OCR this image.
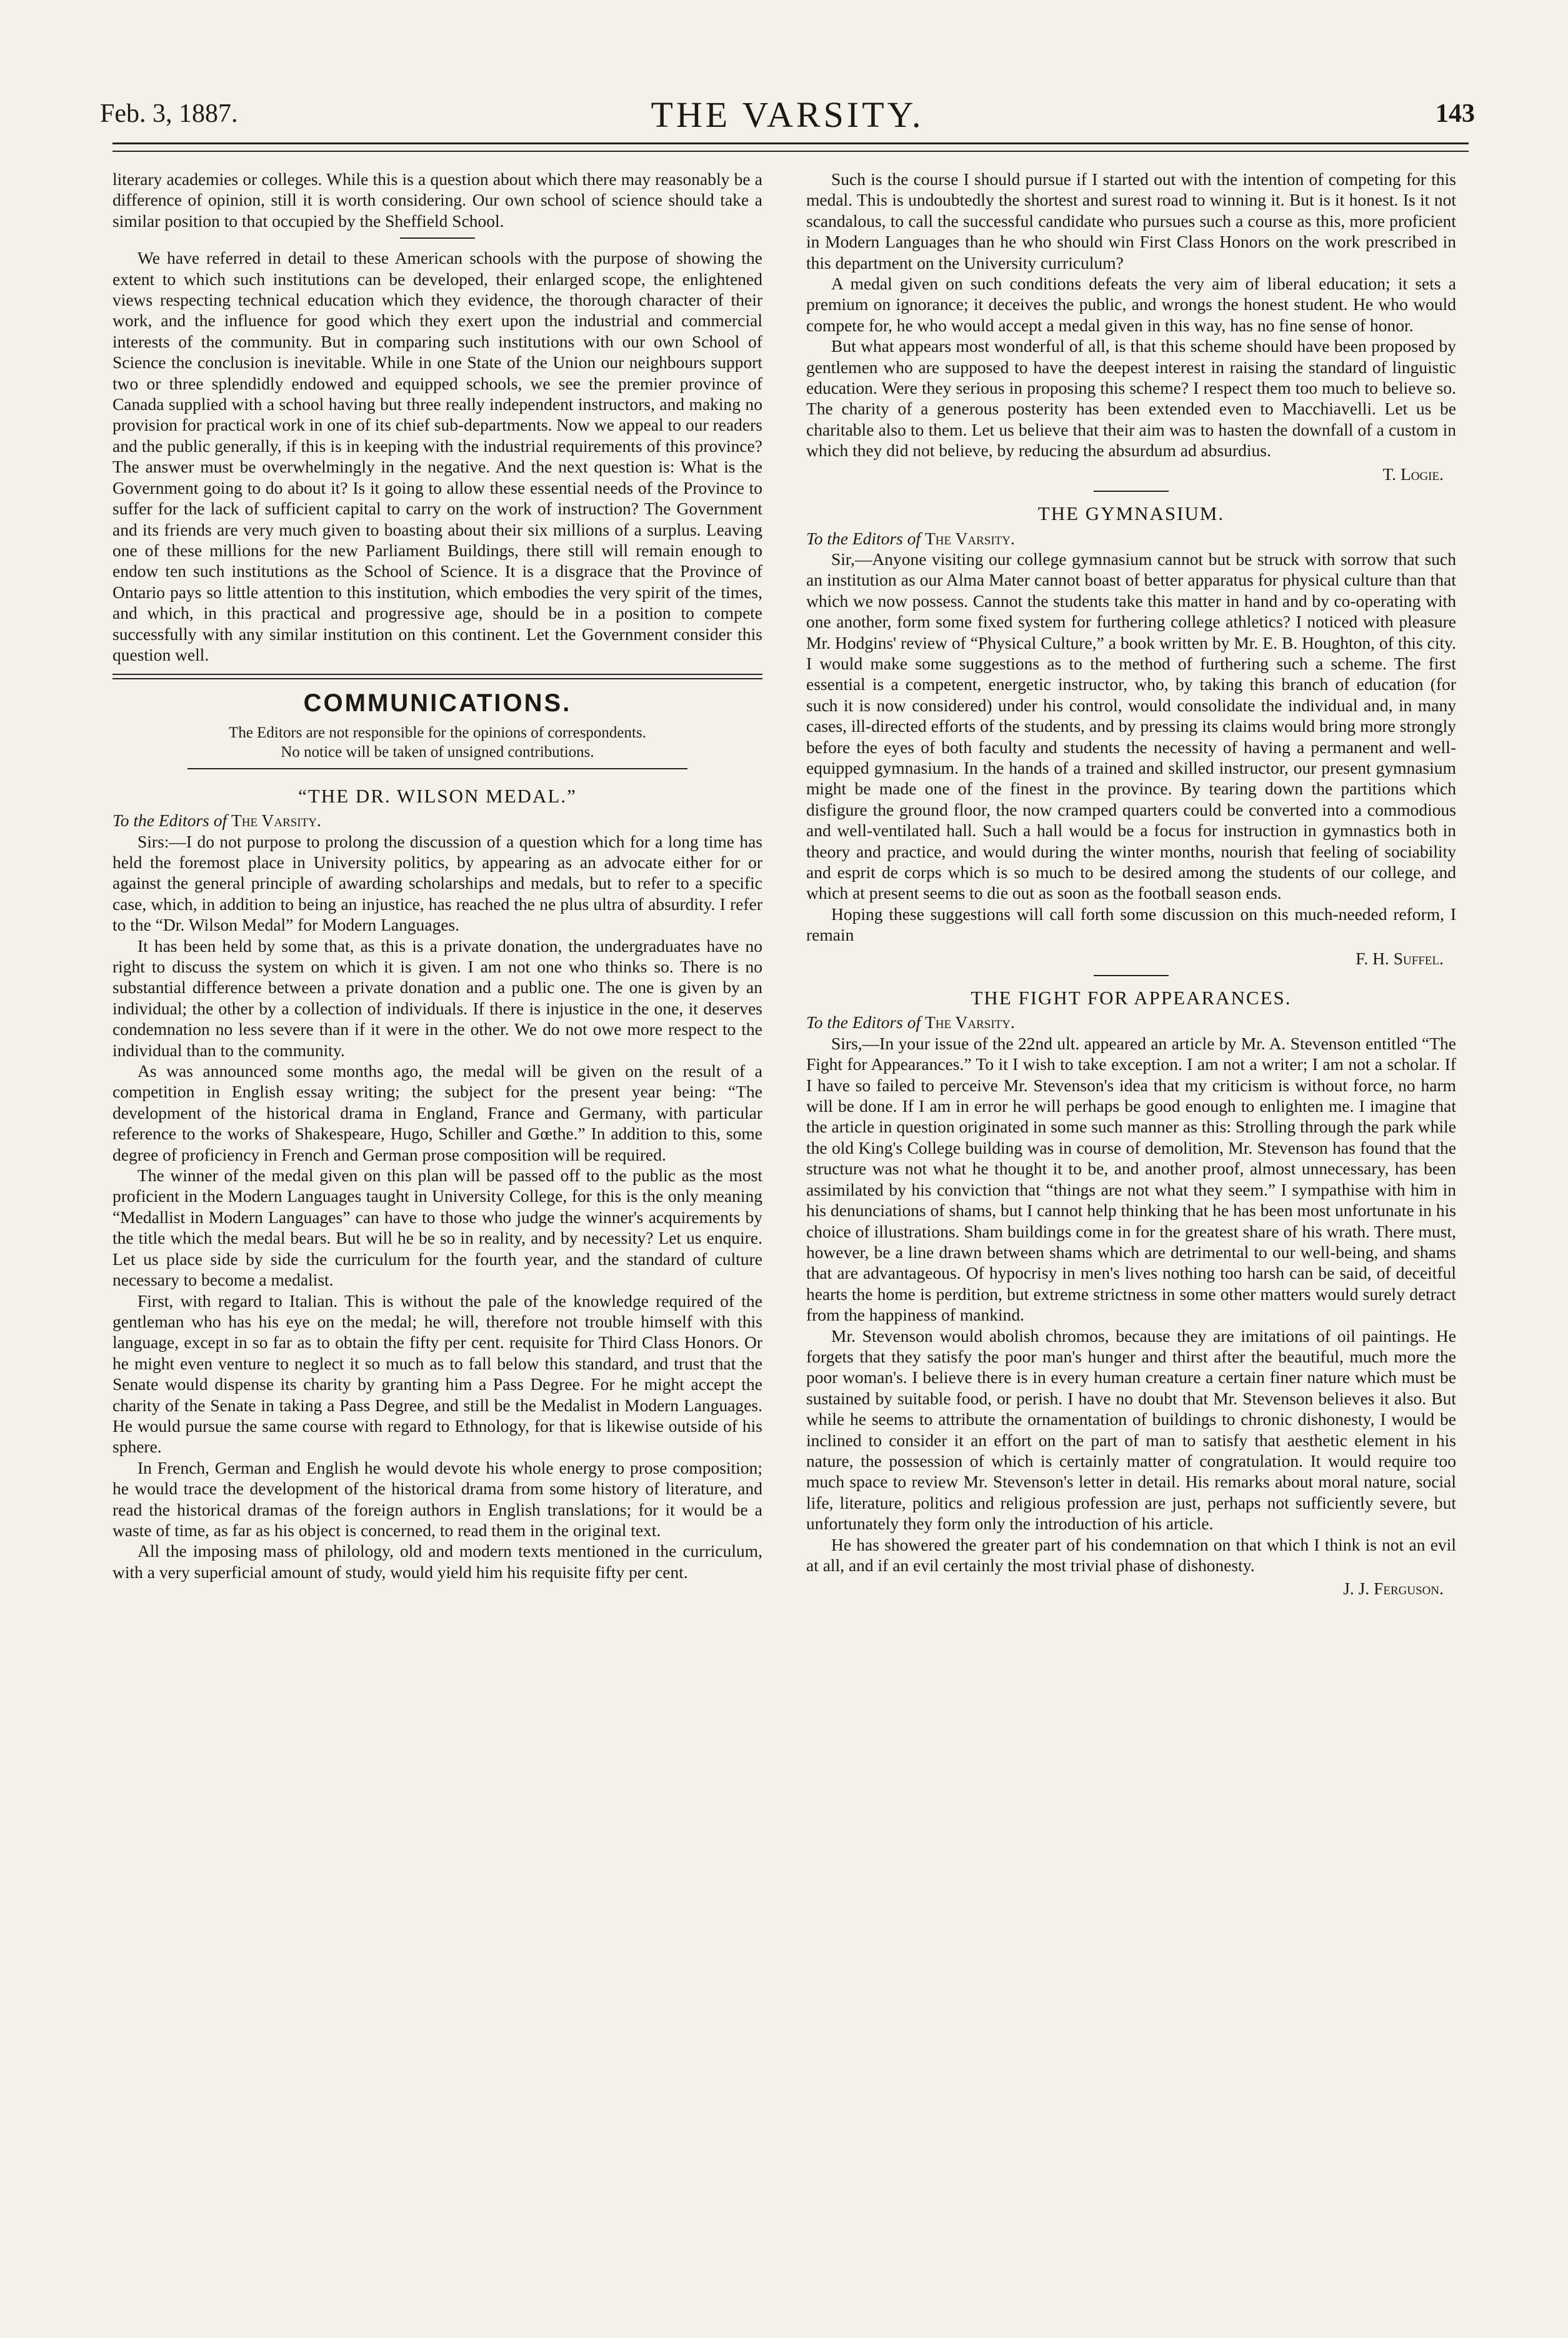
Feb. 3, 1887.	THE VARSITY.	143

literary academies or colleges. While this is a question about which there may reasonably be a difference of opinion, still it is worth considering. Our own school of science should take a similar position to that occupied by the Sheffield School.

We have referred in detail to these American schools with the purpose of showing the extent to which such institutions can be developed, their enlarged scope, the enlightened views respecting technical education which they evidence, the thorough character of their work, and the influence for good which they exert upon the industrial and commercial interests of the community. But in comparing such institutions with our own School of Science the conclusion is inevitable. While in one State of the Union our neighbours support two or three splendidly endowed and equipped schools, we see the premier province of Canada supplied with a school having but three really independent instructors, and making no provision for practical work in one of its chief sub-departments. Now we appeal to our readers and the public generally, if this is in keeping with the industrial requirements of this province? The answer must be overwhelmingly in the negative. And the next question is: What is the Government going to do about it? Is it going to allow these essential needs of the Province to suffer for the lack of sufficient capital to carry on the work of instruction? The Government and its friends are very much given to boasting about their six millions of a surplus. Leaving one of these millions for the new Parliament Buildings, there still will remain enough to endow ten such institutions as the School of Science. It is a disgrace that the Province of Ontario pays so little attention to this institution, which embodies the very spirit of the times, and which, in this practical and progressive age, should be in a position to compete successfully with any similar institution on this continent. Let the Government consider this question well.

COMMUNICATIONS.
The Editors are not responsible for the opinions of correspondents.
No notice will be taken of unsigned contributions.
“THE DR. WILSON MEDAL.”

To the Editors of The Varsity.

Sirs:—I do not purpose to prolong the discussion of a question which for a long time has held the foremost place in University politics, by appearing as an advocate either for or against the general principle of awarding scholarships and medals, but to refer to a specific case, which, in addition to being an injustice, has reached the ne plus ultra of absurdity. I refer to the “Dr. Wilson Medal” for Modern Languages.

It has been held by some that, as this is a private donation, the undergraduates have no right to discuss the system on which it is given. I am not one who thinks so. There is no substantial difference between a private donation and a public one. The one is given by an individual; the other by a collection of individuals. If there is injustice in the one, it deserves condemnation no less severe than if it were in the other. We do not owe more respect to the individual than to the community.

As was announced some months ago, the medal will be given on the result of a competition in English essay writing; the subject for the present year being: “The development of the historical drama in England, France and Germany, with particular reference to the works of Shakespeare, Hugo, Schiller and Gœthe.” In addition to this, some degree of proficiency in French and German prose composition will be required.

The winner of the medal given on this plan will be passed off to the public as the most proficient in the Modern Languages taught in University College, for this is the only meaning “Medallist in Modern Languages” can have to those who judge the winner's acquirements by the title which the medal bears. But will he be so in reality, and by necessity? Let us enquire. Let us place side by side the curriculum for the fourth year, and the standard of culture necessary to become a medalist.

First, with regard to Italian. This is without the pale of the knowledge required of the gentleman who has his eye on the medal; he will, therefore not trouble himself with this language, except in so far as to obtain the fifty per cent. requisite for Third Class Honors. Or he might even venture to neglect it so much as to fall below this standard, and trust that the Senate would dispense its charity by granting him a Pass Degree. For he might accept the charity of the Senate in taking a Pass Degree, and still be the Medalist in Modern Languages. He would pursue the same course with regard to Ethnology, for that is likewise outside of his sphere.

In French, German and English he would devote his whole energy to prose composition; he would trace the development of the historical drama from some history of literature, and read the historical dramas of the foreign authors in English translations; for it would be a waste of time, as far as his object is concerned, to read them in the original text.

All the imposing mass of philology, old and modern texts mentioned in the curriculum, with a very superficial amount of study, would yield him his requisite fifty per cent.

Such is the course I should pursue if I started out with the intention of competing for this medal. This is undoubtedly the shortest and surest road to winning it. But is it honest. Is it not scandalous, to call the successful candidate who pursues such a course as this, more proficient in Modern Languages than he who should win First Class Honors on the work prescribed in this department on the University curriculum?

A medal given on such conditions defeats the very aim of liberal education; it sets a premium on ignorance; it deceives the public, and wrongs the honest student. He who would compete for, he who would accept a medal given in this way, has no fine sense of honor.

But what appears most wonderful of all, is that this scheme should have been proposed by gentlemen who are supposed to have the deepest interest in raising the standard of linguistic education. Were they serious in proposing this scheme? I respect them too much to believe so. The charity of a generous posterity has been extended even to Macchiavelli. Let us be charitable also to them. Let us believe that their aim was to hasten the downfall of a custom in which they did not believe, by reducing the absurdum ad absurdius.

T. Logie.
THE GYMNASIUM.

To the Editors of The Varsity.

Sir,—Anyone visiting our college gymnasium cannot but be struck with sorrow that such an institution as our Alma Mater cannot boast of better apparatus for physical culture than that which we now possess. Cannot the students take this matter in hand and by co-operating with one another, form some fixed system for furthering college athletics? I noticed with pleasure Mr. Hodgins' review of “Physical Culture,” a book written by Mr. E. B. Houghton, of this city. I would make some suggestions as to the method of furthering such a scheme. The first essential is a competent, energetic instructor, who, by taking this branch of education (for such it is now considered) under his control, would consolidate the individual and, in many cases, ill-directed efforts of the students, and by pressing its claims would bring more strongly before the eyes of both faculty and students the necessity of having a permanent and well-equipped gymnasium. In the hands of a trained and skilled instructor, our present gymnasium might be made one of the finest in the province. By tearing down the partitions which disfigure the ground floor, the now cramped quarters could be converted into a commodious and well-ventilated hall. Such a hall would be a focus for instruction in gymnastics both in theory and practice, and would during the winter months, nourish that feeling of sociability and esprit de corps which is so much to be desired among the students of our college, and which at present seems to die out as soon as the football season ends.

Hoping these suggestions will call forth some discussion on this much-needed reform, I remain

F. H. Suffel.
THE FIGHT FOR APPEARANCES.

To the Editors of The Varsity.

Sirs,—In your issue of the 22nd ult. appeared an article by Mr. A. Stevenson entitled “The Fight for Appearances.” To it I wish to take exception. I am not a writer; I am not a scholar. If I have so failed to perceive Mr. Stevenson's idea that my criticism is without force, no harm will be done. If I am in error he will perhaps be good enough to enlighten me. I imagine that the article in question originated in some such manner as this: Strolling through the park while the old King's College building was in course of demolition, Mr. Stevenson has found that the structure was not what he thought it to be, and another proof, almost unnecessary, has been assimilated by his conviction that “things are not what they seem.” I sympathise with him in his denunciations of shams, but I cannot help thinking that he has been most unfortunate in his choice of illustrations. Sham buildings come in for the greatest share of his wrath. There must, however, be a line drawn between shams which are detrimental to our well-being, and shams that are advantageous. Of hypocrisy in men's lives nothing too harsh can be said, of deceitful hearts the home is perdition, but extreme strictness in some other matters would surely detract from the happiness of mankind.

Mr. Stevenson would abolish chromos, because they are imitations of oil paintings. He forgets that they satisfy the poor man's hunger and thirst after the beautiful, much more the poor woman's. I believe there is in every human creature a certain finer nature which must be sustained by suitable food, or perish. I have no doubt that Mr. Stevenson believes it also. But while he seems to attribute the ornamentation of buildings to chronic dishonesty, I would be inclined to consider it an effort on the part of man to satisfy that aesthetic element in his nature, the possession of which is certainly matter of congratulation. It would require too much space to review Mr. Stevenson's letter in detail. His remarks about moral nature, social life, literature, politics and religious profession are just, perhaps not sufficiently severe, but unfortunately they form only the introduction of his article.

He has showered the greater part of his condemnation on that which I think is not an evil at all, and if an evil certainly the most trivial phase of dishonesty.

J. J. Ferguson.
